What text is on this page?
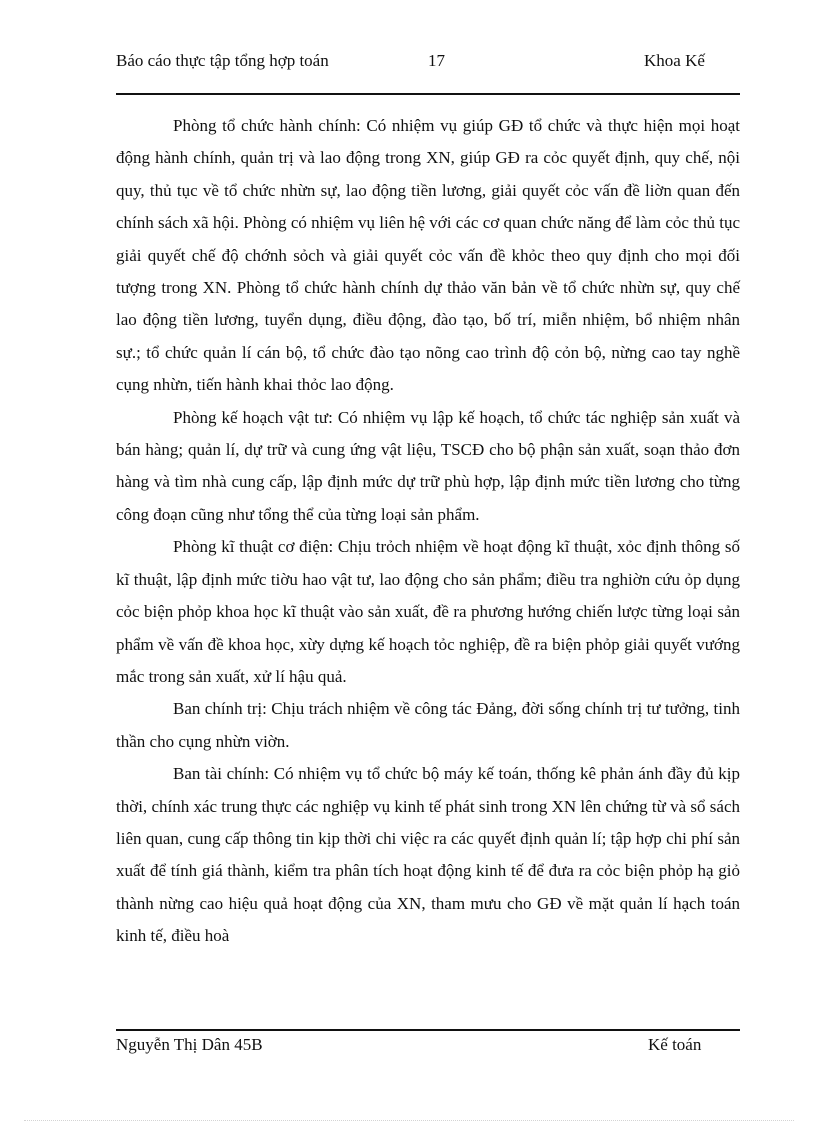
Báo cáo thực tập tổng hợp toán	17	Khoa Kế

Phòng tổ chức hành chính: Có nhiệm vụ giúp GĐ tổ chức và thực hiện mọi hoạt động hành chính, quản trị và lao động trong XN, giúp GĐ ra cỏc quyết định, quy chế, nội quy, thủ tục về tổ chức nhừn sự, lao động tiền lương, giải quyết cỏc vấn đề liờn quan đến chính sách xã hội. Phòng có nhiệm vụ liên hệ với các cơ quan chức năng để làm cỏc thủ tục giải quyết chế độ chớnh sỏch và giải quyết cỏc vấn đề khỏc theo quy định cho mọi đối tượng trong XN. Phòng tổ chức hành chính dự thảo văn bản về tổ chức nhừn sự, quy chế lao động tiền lương, tuyển dụng, điều động, đào tạo, bố trí, miễn nhiệm, bổ nhiệm nhân sự.; tổ chức quản lí cán bộ, tổ chức đào tạo nõng cao trình độ cỏn bộ, nừng cao tay nghề cụng nhừn, tiến hành khai thỏc lao động.

Phòng kế hoạch vật tư: Có nhiệm vụ lập kế hoạch, tổ chức tác nghiệp sản xuất và bán hàng; quản lí, dự trữ và cung ứng vật liệu, TSCĐ cho bộ phận sản xuất, soạn thảo đơn hàng và tìm nhà cung cấp, lập định mức dự trữ phù hợp, lập định mức tiền lương cho từng công đoạn cũng như tổng thể của từng loại sản phẩm.

Phòng kĩ thuật cơ điện: Chịu trỏch nhiệm về hoạt động kĩ thuật, xỏc định thông số kĩ thuật, lập định mức tiờu hao vật tư, lao động cho sản phẩm; điều tra nghiờn cứu ỏp dụng cỏc biện phỏp khoa học kĩ thuật vào sản xuất, đề ra phương hướng chiến lược từng loại sản phẩm về vấn đề khoa học, xừy dựng kế hoạch tỏc nghiệp, đề ra biện phỏp giải quyết vướng mắc trong sản xuất, xử lí hậu quả.

Ban chính trị: Chịu trách nhiệm về công tác Đảng, đời sống chính trị tư tưởng, tinh thần cho cụng nhừn viờn.

Ban tài chính: Có nhiệm vụ tổ chức bộ máy kế toán, thống kê phản ánh đầy đủ kịp thời, chính xác trung thực các nghiệp vụ kinh tế phát sinh trong XN lên chứng từ và sổ sách liên quan, cung cấp thông tin kịp thời chi việc ra các quyết định quản lí; tập hợp chi phí sản xuất để tính giá thành, kiểm tra phân tích hoạt động kinh tế để đưa ra cỏc biện phỏp hạ giỏ thành nừng cao hiệu quả hoạt động của XN, tham mưu cho GĐ về mặt quản lí hạch toán kinh tế, điều hoà

Nguyễn Thị Dân 45B	Kế toán
